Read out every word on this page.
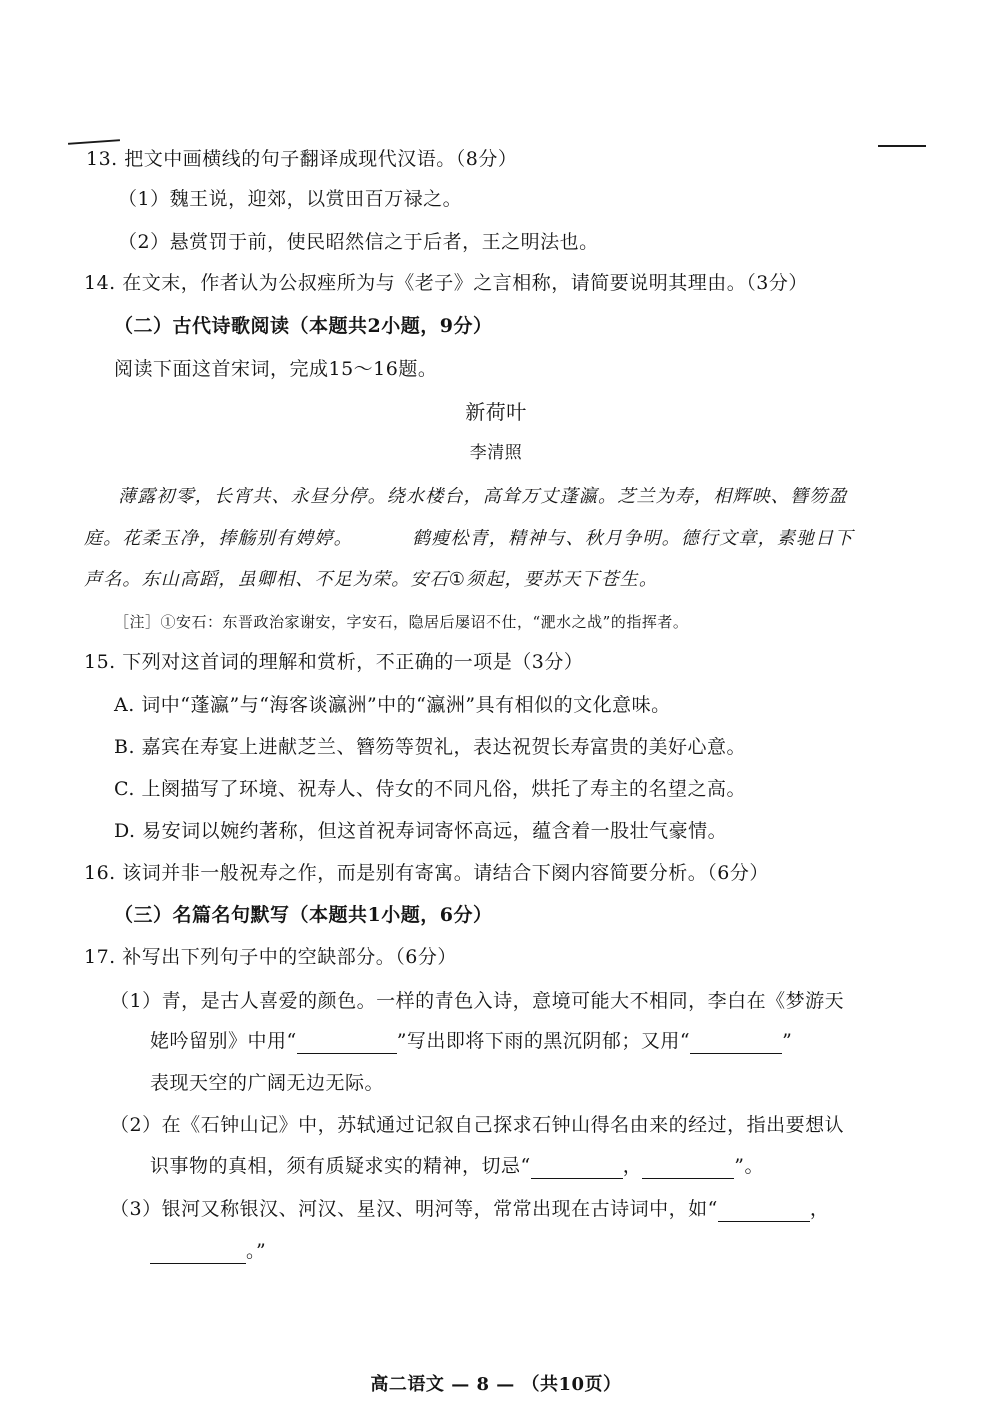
13. 把文中画横线的句子翻译成现代汉语。（8分）
（1）魏王说，迎郊，以赏田百万禄之。
（2）悬赏罚于前，使民昭然信之于后者，王之明法也。
14. 在文末，作者认为公叔痤所为与《老子》之言相称，请简要说明其理由。（3分）
（二）古代诗歌阅读（本题共2小题，9分）
阅读下面这首宋词，完成15～16题。
新荷叶
李清照
薄露初零，长宵共、永昼分停。绕水楼台，高耸万丈蓬瀛。芝兰为寿，相辉映、簪笏盈
庭。花柔玉净，捧觞别有娉婷。	鹤瘦松青，精神与、秋月争明。德行文章，素驰日下
声名。东山高蹈，虽卿相、不足为荣。安石①须起，要苏天下苍生。
［注］①安石：东晋政治家谢安，字安石，隐居后屡诏不仕，“淝水之战”的指挥者。
15. 下列对这首词的理解和赏析，不正确的一项是（3分）
A. 词中“蓬瀛”与“海客谈瀛洲”中的“瀛洲”具有相似的文化意味。
B. 嘉宾在寿宴上进献芝兰、簪笏等贺礼，表达祝贺长寿富贵的美好心意。
C. 上阕描写了环境、祝寿人、侍女的不同凡俗，烘托了寿主的名望之高。
D. 易安词以婉约著称，但这首祝寿词寄怀高远，蕴含着一股壮气豪情。
16. 该词并非一般祝寿之作，而是别有寄寓。请结合下阕内容简要分析。（6分）
（三）名篇名句默写（本题共1小题，6分）
17. 补写出下列句子中的空缺部分。（6分）
（1）青，是古人喜爱的颜色。一样的青色入诗，意境可能大不相同，李白在《梦游天
姥吟留别》中用“	”写出即将下雨的黑沉阴郁；又用“	”
表现天空的广阔无边无际。
（2）在《石钟山记》中，苏轼通过记叙自己探求石钟山得名由来的经过，指出要想认
识事物的真相，须有质疑求实的精神，切忌“	，	”。
（3）银河又称银汉、河汉、星汉、明河等，常常出现在古诗词中，如“	，
。”
高二语文 — 8 — （共10页）
